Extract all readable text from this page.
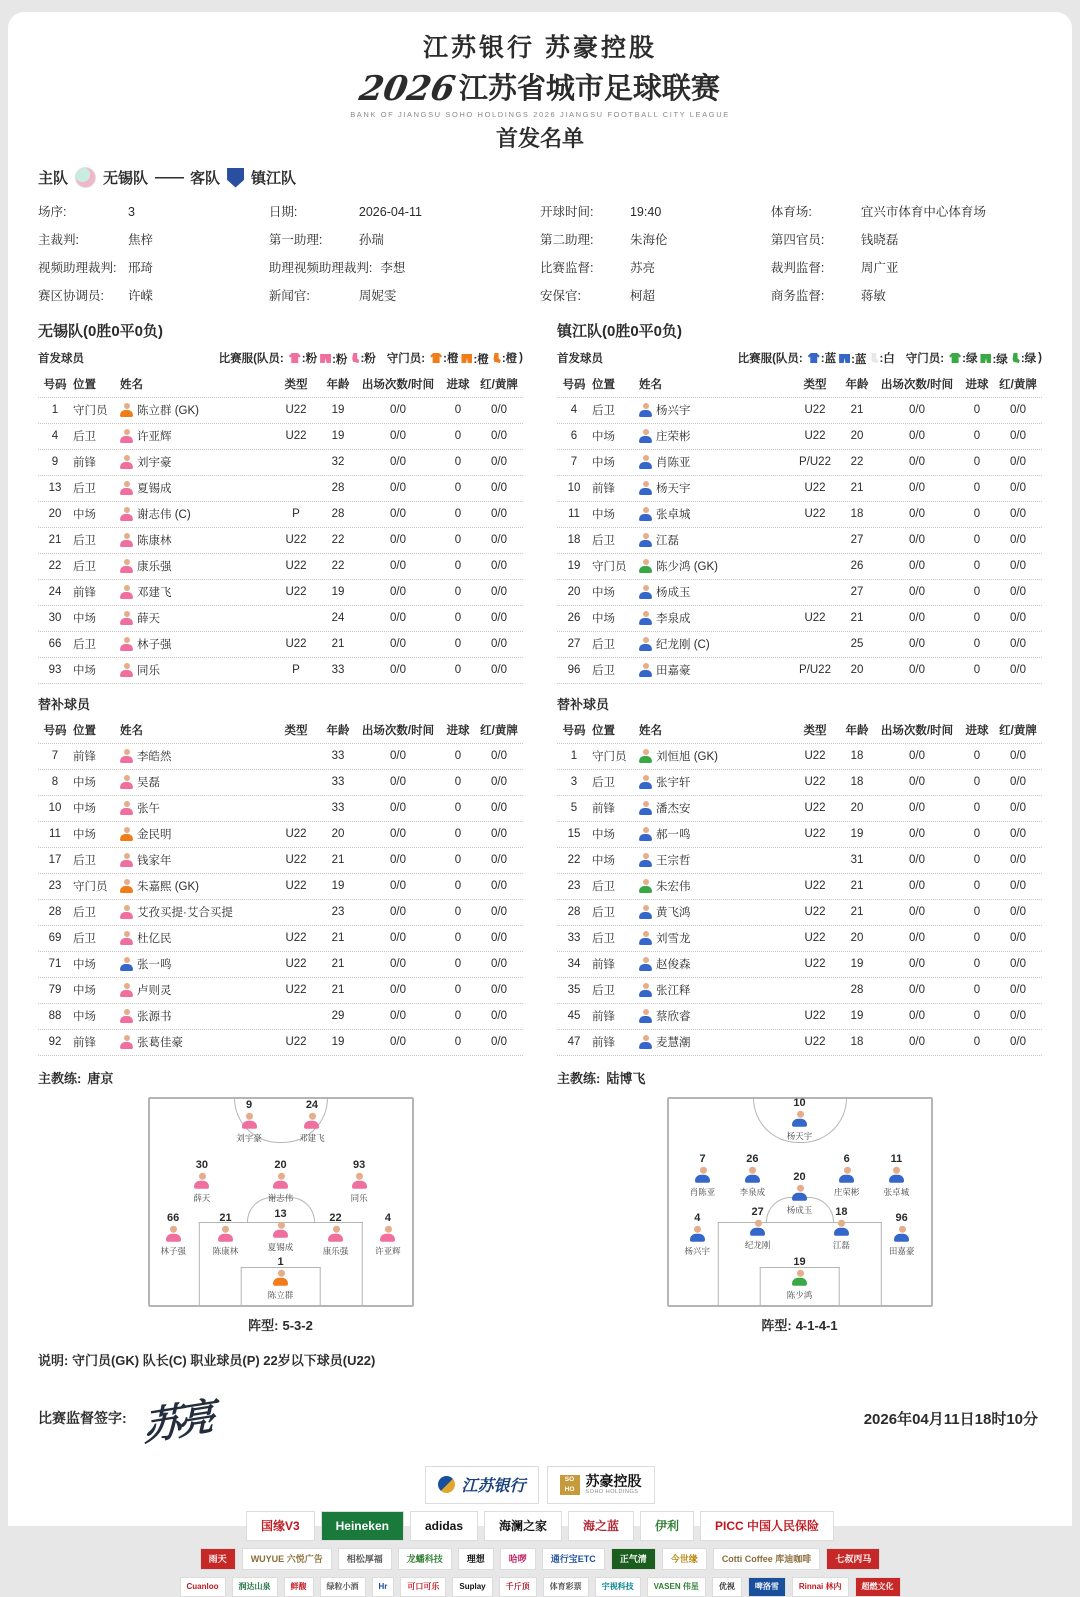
江苏银行 苏豪控股
2026江苏省城市足球联赛
BANK OF JIANGSU SOHO HOLDINGS 2026 JIANGSU FOOTBALL CITY LEAGUE
首发名单
主队 无锡队 —— 客队 镇江队
场序:	3	日期:	2026-04-11	开球时间:	19:40	体育场:	宜兴市体育中心体育场
主裁判:	焦梓	第一助理:	孙瑞	第二助理:	朱海伦	第四官员:	钱晓磊
视频助理裁判: 邢琦	助理视频助理裁判: 李想	比赛监督:	苏亮	裁判监督:	周广亚
赛区协调员:	许嵘	新闻官:	周妮雯	安保官:	柯超	商务监督:	蒋敏
无锡队(0胜0平0负)
首发球员	比赛服(队员: :粉 :粉 :粉 守门员: :橙 :橙 :橙 )
号码 位置	姓名	类型	年龄	出场次数/时间	进球 红/黄牌
1	守门员	陈立群 (GK)	U22	19	0/0	0	0/0
4	后卫	许亚辉	U22	19	0/0	0	0/0
9	前锋	刘宇豪	32	0/0	0	0/0
13	后卫	夏锡成	28	0/0	0	0/0
20	中场	谢志伟 (C)	P	28	0/0	0	0/0
21	后卫	陈康林	U22	22	0/0	0	0/0
22	后卫	康乐强	U22	22	0/0	0	0/0
24	前锋	邓建飞	U22	19	0/0	0	0/0
30	中场	薛天	24	0/0	0	0/0
66	后卫	林子强	U22	21	0/0	0	0/0
93	中场	同乐	P	33	0/0	0	0/0
替补球员
号码 位置	姓名	类型	年龄	出场次数/时间	进球 红/黄牌
7	前锋	李皓然	33	0/0	0	0/0
8	中场	吴磊	33	0/0	0	0/0
10	中场	张午	33	0/0	0	0/0
11	中场	金民明	U22	20	0/0	0	0/0
17	后卫	钱家年	U22	21	0/0	0	0/0
23	守门员	朱嘉熙 (GK)	U22	19	0/0	0	0/0
28	后卫	艾孜买提·艾合买提	23	0/0	0	0/0
69	后卫	杜亿民	U22	21	0/0	0	0/0
71	中场	张一鸣	U22	21	0/0	0	0/0
79	中场	卢则灵	U22	21	0/0	0	0/0
88	中场	张源书	29	0/0	0	0/0
92	前锋	张葛佳豪	U22	19	0/0	0	0/0
主教练: 唐京
9
刘宇豪
24
邓建飞
30
薛天
20
谢志伟
93
同乐
66
林子强
21
陈康林
13
夏锡成
22
康乐强
4
许亚辉
1
陈立群
阵型: 5-3-2
镇江队(0胜0平0负)
首发球员	比赛服(队员: :蓝 :蓝 :白 守门员: :绿 :绿 :绿 )
号码 位置	姓名	类型	年龄	出场次数/时间	进球 红/黄牌
4	后卫	杨兴宇	U22	21	0/0	0	0/0
6	中场	庄荣彬	U22	20	0/0	0	0/0
7	中场	肖陈亚	P/U22	22	0/0	0	0/0
10	前锋	杨天宇	U22	21	0/0	0	0/0
11	中场	张卓城	U22	18	0/0	0	0/0
18	后卫	江磊	27	0/0	0	0/0
19	守门员	陈少鸿 (GK)	26	0/0	0	0/0
20	中场	杨成玉	27	0/0	0	0/0
26	中场	李泉成	U22	21	0/0	0	0/0
27	后卫	纪龙刚 (C)	25	0/0	0	0/0
96	后卫	田嘉豪	P/U22	20	0/0	0	0/0
替补球员
号码 位置	姓名	类型	年龄	出场次数/时间	进球 红/黄牌
1	守门员	刘恒旭 (GK)	U22	18	0/0	0	0/0
3	后卫	张宇轩	U22	18	0/0	0	0/0
5	前锋	潘杰安	U22	20	0/0	0	0/0
15	中场	郝一鸣	U22	19	0/0	0	0/0
22	中场	王宗哲	31	0/0	0	0/0
23	后卫	朱宏伟	U22	21	0/0	0	0/0
28	后卫	黄飞鸿	U22	21	0/0	0	0/0
33	后卫	刘雪龙	U22	20	0/0	0	0/0
34	前锋	赵俊森	U22	19	0/0	0	0/0
35	后卫	张江释	28	0/0	0	0/0
45	前锋	蔡欣睿	U22	19	0/0	0	0/0
47	前锋	麦慧潮	U22	18	0/0	0	0/0
主教练: 陆博飞
10
杨天宇
7
肖陈亚
26
李泉成
20
杨成玉
6
庄荣彬
11
张卓城
4
杨兴宇
27
纪龙刚
18
江磊
96
田嘉豪
19
陈少鸿
阵型: 4-1-4-1
说明: 守门员(GK) 队长(C) 职业球员(P) 22岁以下球员(U22)
比赛监督签字: 苏亮	2026年04月11日18时10分
江苏银行	SO HO
苏豪控股
SOHO HOLDINGS
国缘V3	Heineken	adidas	海澜之家	海之蓝	伊利	PICC 中国人民保险
雨天	WUYUE 六悦广告	相松厚福	龙蟠科技	理想	哈啰	通行宝ETC	正气清	今世缘	Cotti Coffee 库迪咖啡	七叔丙马
Cuanloo	润达山泉	鲜馥	绿粒小酒	Hr	可口可乐	Suplay	千斤顶	体育彩票	宇视科技	VASEN 伟星	优视	啤洛雪	Rinnai 林内	超燃文化
